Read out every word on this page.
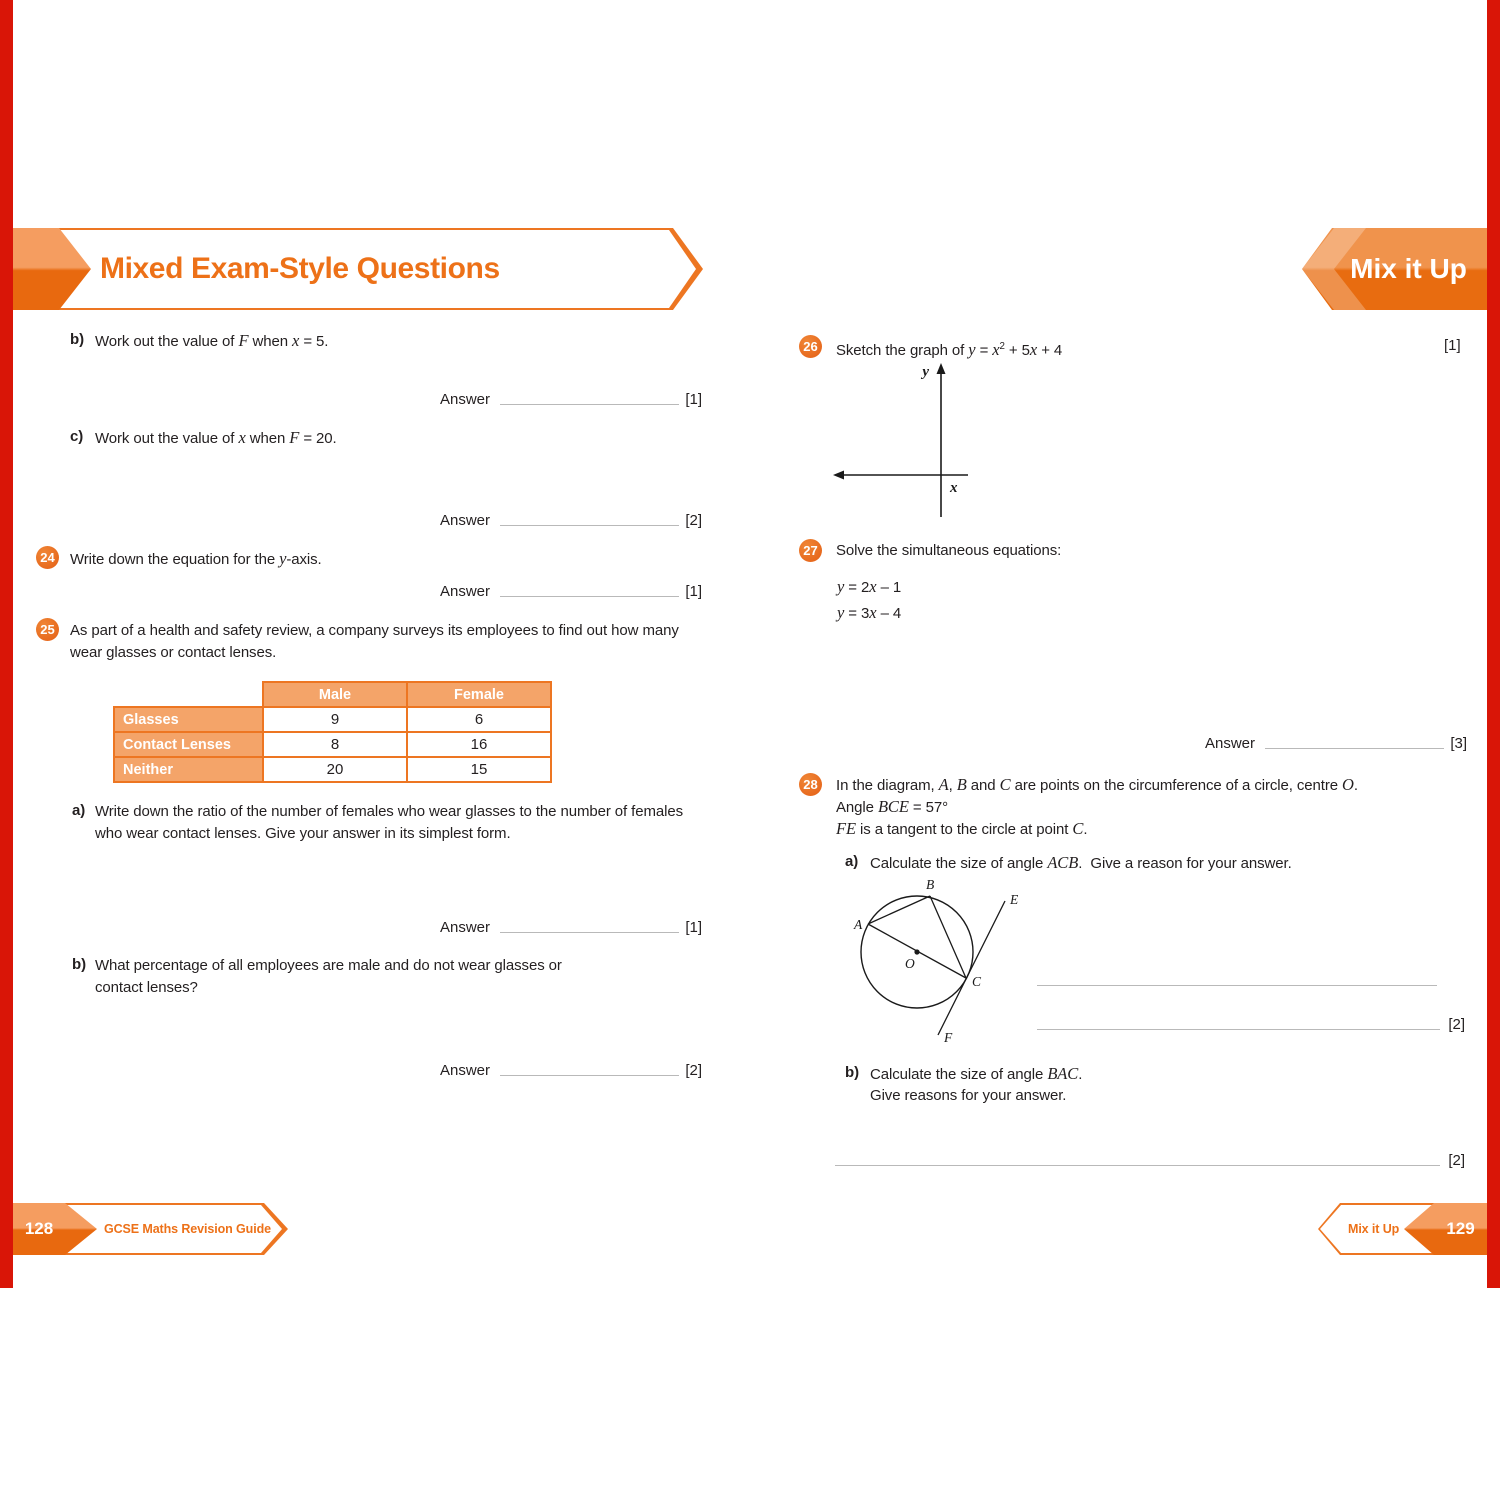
Mixed Exam-Style Questions	Mix it Up
b) Work out the value of F when x = 5.
Answer	[1]
c) Work out the value of x when F = 20.
Answer	[2]
24 Write down the equation for the y-axis.
Answer	[1]
25 As part of a health and safety review, a company surveys its employees to find out how many
wear glasses or contact lenses.
	Male	Female
Glasses	9	6
Contact Lenses	8	16
Neither	20	15
a) Write down the ratio of the number of females who wear glasses to the number of females
who wear contact lenses. Give your answer in its simplest form.
Answer	[1]
b) What percentage of all employees are male and do not wear glasses or
contact lenses?
Answer	[2]
26 Sketch the graph of $y = x^2 + 5x + 4$	[1]
y
x
27 Solve the simultaneous equations:
y = 2x – 1
y = 3x – 4
Answer	[3]
28 In the diagram, A, B and C are points on the circumference of a circle, centre O.
Angle BCE = 57°
FE is a tangent to the circle at point C.
a) Calculate the size of angle ACB.  Give a reason for your answer.
A
B
C
O
E
F
[2]
b) Calculate the size of angle BAC.
Give reasons for your answer.
[2]
128	GCSE Maths Revision Guide	Mix it Up	129
